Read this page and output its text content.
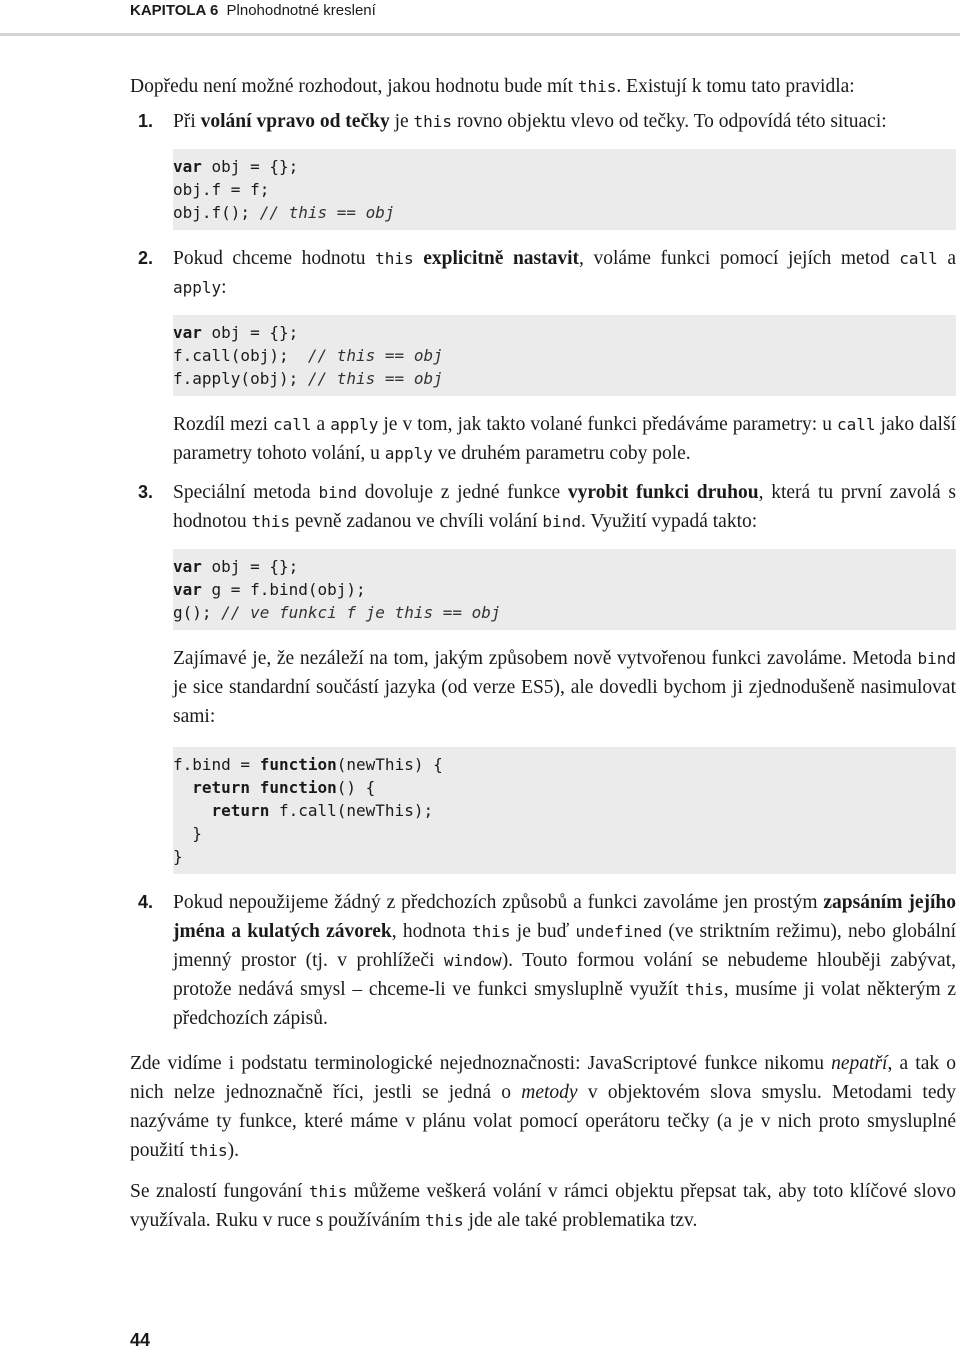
KAPITOLA 6 Plnohodnotné kreslení

Dopředu není možné rozhodout, jakou hodnotu bude mít this. Existují k tomu tato pravidla:

1. Při volání vpravo od tečky je this rovno objektu vlevo od tečky. To odpovídá této situaci:

var obj = {};
obj.f = f;
obj.f(); // this == obj
2. Pokud chceme hodnotu this explicitně nastavit, voláme funkci pomocí jejích metod call a apply:

var obj = {};
f.call(obj);  // this == obj
f.apply(obj); // this == obj

Rozdíl mezi call a apply je v tom, jak takto volané funkci předáváme parametry: u call jako další parametry tohoto volání, u apply ve druhém parametru coby pole.

3. Speciální metoda bind dovoluje z jedné funkce vyrobit funkci druhou, která tu první zavolá s hodnotou this pevně zadanou ve chvíli volání bind. Využití vypadá takto:

var obj = {};
var g = f.bind(obj);
g(); // ve funkci f je this == obj

Zajímavé je, že nezáleží na tom, jakým způsobem nově vytvořenou funkci zavoláme. Metoda bind je sice standardní součástí jazyka (od verze ES5), ale dovedli bychom ji zjednodušeně nasimulovat sami:

f.bind = function(newThis) {
return function() {
return f.call(newThis);
}
}
4. Pokud nepoužijeme žádný z předchozích způsobů a funkci zavoláme jen prostým zapsáním jejího jména a kulatých závorek, hodnota this je buď undefined (ve striktním režimu), nebo globální jmenný prostor (tj. v prohlížeči window). Touto formou volání se nebudeme hlouběji zabývat, protože nedává smysl – chceme-li ve funkci smysluplně využít this, musíme ji volat některým z předchozích zápisů.

Zde vidíme i podstatu terminologické nejednoznačnosti: JavaScriptové funkce nikomu nepatří, a tak o nich nelze jednoznačně říci, jestli se jedná o metody v objektovém slova smyslu. Metodami tedy nazýváme ty funkce, které máme v plánu volat pomocí operátoru tečky (a je v nich proto smysluplné použití this).

Se znalostí fungování this můžeme veškerá volání v rámci objektu přepsat tak, aby toto klíčové slovo využívala. Ruku v ruce s používáním this jde ale také problematika tzv.

44
